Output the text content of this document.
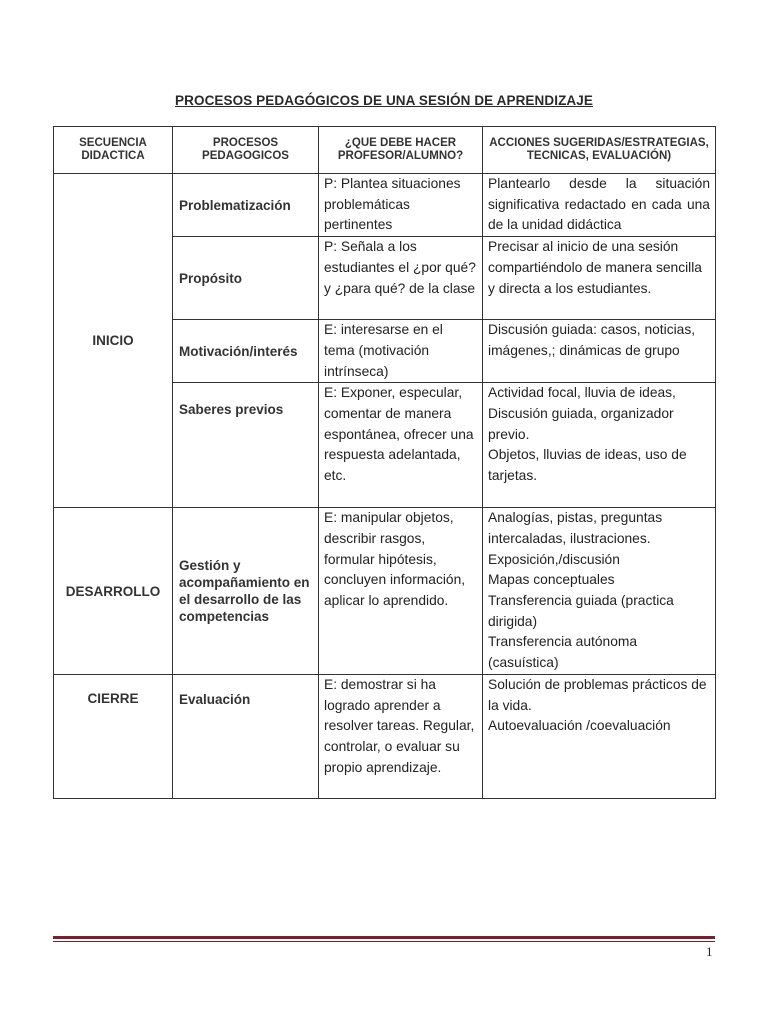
PROCESOS PEDAGÓGICOS DE UNA SESIÓN DE APRENDIZAJE
SECUENCIA DIDACTICA	PROCESOS PEDAGOGICOS	¿QUE DEBE HACER PROFESOR/ALUMNO?	ACCIONES SUGERIDAS/ESTRATEGIAS, TECNICAS, EVALUACIÓN)
INICIO	Problematización	P: Plantea situaciones problemáticas pertinentes	Plantearlo desde la situación significativa redactado en cada una de la unidad didáctica

	Propósito	P: Señala a los estudiantes el ¿por qué? y ¿para qué? de la clase	Precisar al inicio de una sesión compartiéndolo de manera sencilla y directa a los estudiantes.

	Motivación/interés	E: interesarse en el tema (motivación intrínseca)	Discusión guiada: casos, noticias, imágenes,; dinámicas de grupo

	Saberes previos	E: Exponer, especular, comentar de manera espontánea, ofrecer una respuesta adelantada, etc.	Actividad focal, lluvia de ideas,
Discusión guiada, organizador previo.
Objetos, lluvias de ideas, uso de tarjetas.

DESARROLLO	Gestión y acompañamiento en el desarrollo de las competencias	E: manipular objetos, describir rasgos, formular hipótesis, concluyen información, aplicar lo aprendido.	Analogías, pistas, preguntas intercaladas, ilustraciones.
Exposición,/discusión
Mapas conceptuales
Transferencia guiada (practica dirigida)
Transferencia autónoma (casuística)

CIERRE	Evaluación	E: demostrar si ha logrado aprender a resolver tareas. Regular, controlar, o evaluar su propio aprendizaje.	Solución de problemas prácticos de la vida.
Autoevaluación /coevaluación
1
